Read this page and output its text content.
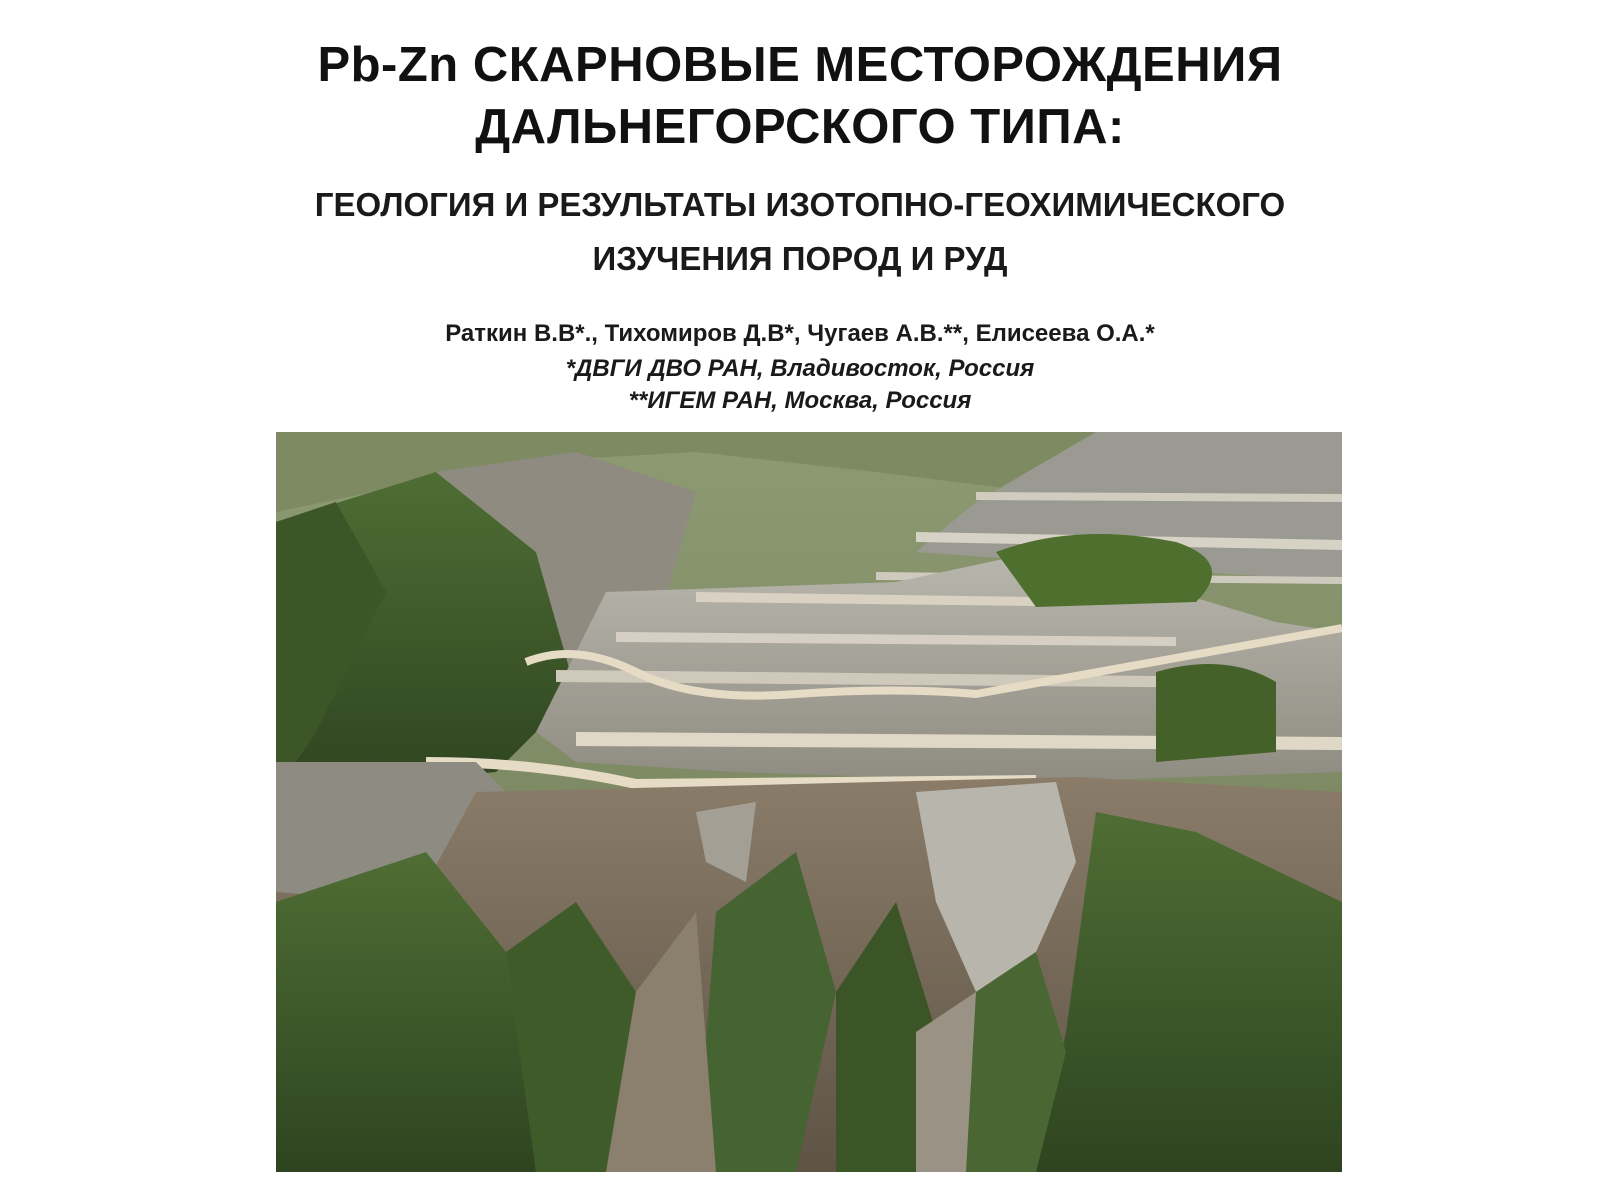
Pb-Zn СКАРНОВЫЕ МЕСТОРОЖДЕНИЯ
ДАЛЬНЕГОРСКОГО ТИПА:
ГЕОЛОГИЯ И РЕЗУЛЬТАТЫ ИЗОТОПНО-ГЕОХИМИЧЕСКОГО
ИЗУЧЕНИЯ ПОРОД И РУД
Раткин В.В*., Тихомиров Д.В*, Чугаев А.В.**, Елисеева О.А.*
*ДВГИ ДВО РАН, Владивосток, Россия
**ИГЕМ РАН, Москва, Россия
